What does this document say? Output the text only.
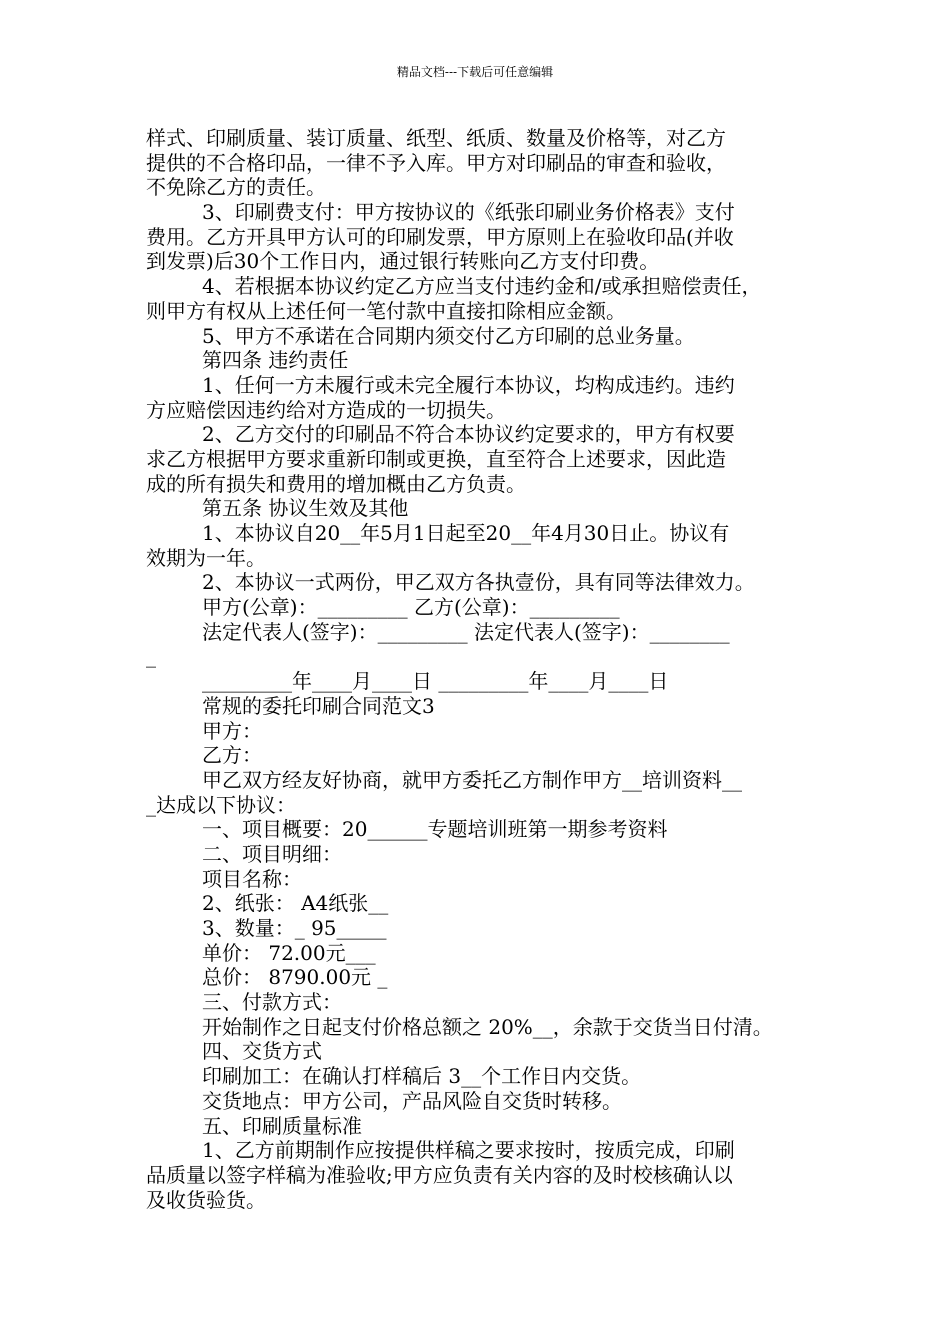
精品文档---下载后可任意编辑
样式、印刷质量、装订质量、纸型、纸质、数量及价格等，对乙方
提供的不合格印品，一律不予入库。甲方对印刷品的审查和验收，
不免除乙方的责任。
3、印刷费支付：甲方按协议的《纸张印刷业务价格表》支付
费用。乙方开具甲方认可的印刷发票，甲方原则上在验收印品(并收
到发票)后30个工作日内，通过银行转账向乙方支付印费。
4、若根据本协议约定乙方应当支付违约金和/或承担赔偿责任，
则甲方有权从上述任何一笔付款中直接扣除相应金额。
5、甲方不承诺在合同期内须交付乙方印刷的总业务量。
第四条 违约责任
1、任何一方未履行或未完全履行本协议，均构成违约。违约
方应赔偿因违约给对方造成的一切损失。
2、乙方交付的印刷品不符合本协议约定要求的，甲方有权要
求乙方根据甲方要求重新印制或更换，直至符合上述要求，因此造
成的所有损失和费用的增加概由乙方负责。
第五条 协议生效及其他
1、本协议自20__年5月1日起至20__年4月30日止。协议有
效期为一年。
2、本协议一式两份，甲乙双方各执壹份，具有同等法律效力。
甲方(公章)：_________ 乙方(公章)：_________
法定代表人(签字)：_________ 法定代表人(签字)：________
_
_________年____月____日 _________年____月____日
常规的委托印刷合同范文3
甲方：
乙方：
甲乙双方经友好协商，就甲方委托乙方制作甲方__培训资料__
_达成以下协议：
一、项目概要：20______专题培训班第一期参考资料
二、项目明细：
项目名称：
2、纸张： A4纸张__
3、数量：_ 95_____
单价： 72.00元___
总价： 8790.00元 _
三、付款方式：
开始制作之日起支付价格总额之 20%__，余款于交货当日付清。
四、交货方式
印刷加工：在确认打样稿后 3__个工作日内交货。
交货地点：甲方公司，产品风险自交货时转移。
五、印刷质量标准
1、乙方前期制作应按提供样稿之要求按时，按质完成，印刷
品质量以签字样稿为准验收;甲方应负责有关内容的及时校核确认以
及收货验货。
